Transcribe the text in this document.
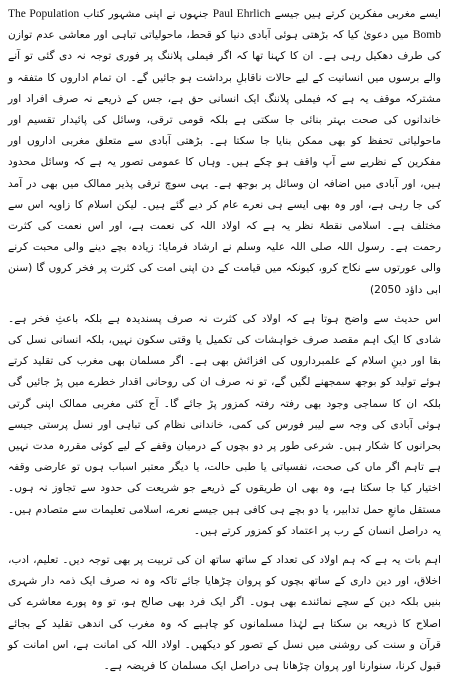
ایسے مغربی مفکرین کرتے ہیں جیسے Paul Ehrlich جنہوں نے اپنی مشہور کتاب The Population Bomb میں دعویٰ کیا کہ بڑھتی ہوئی آبادی دنیا کو قحط، ماحولیاتی تباہی اور معاشی عدم توازن کی طرف دھکیل رہی ہے۔ ان کا کہنا تھا کہ اگر فیملی پلاننگ پر فوری توجہ نہ دی گئی تو آنے والے برسوں میں انسانیت کے لیے حالات ناقابلِ برداشت ہو جائیں گے۔ ان تمام اداروں کا متفقہ و مشترکہ موقف یہ ہے کہ فیملی پلاننگ ایک انسانی حق ہے، جس کے ذریعے نہ صرف افراد اور خاندانوں کی صحت بہتر بنائی جا سکتی ہے بلکہ قومی ترقی، وسائل کی پائیدار تقسیم اور ماحولیاتی تحفظ کو بھی ممکن بنایا جا سکتا ہے۔ بڑھتی آبادی سے متعلق مغربی اداروں اور مفکرین کے نظریے سے آپ واقف ہو چکے ہیں۔ وہاں کا عمومی تصور یہ ہے کہ وسائل محدود ہیں، اور آبادی میں اضافہ ان وسائل پر بوجھ ہے۔ یہی سوچ ترقی پذیر ممالک میں بھی در آمد کی جا رہی ہے، اور وہ بھی ایسے ہی نعرے عام کر دیے گئے ہیں۔ لیکن اسلام کا زاویہ اس سے مختلف ہے۔ اسلامی نقطۂ نظر یہ ہے کہ اولاد اللہ کی نعمت ہے، اور اس نعمت کی کثرت رحمت ہے۔ رسول اللہ صلی اللہ علیہ وسلم نے ارشاد فرمایا: زیادہ بچے دینے والی محبت کرنے والی عورتوں سے نکاح کرو، کیونکہ میں قیامت کے دن اپنی امت کی کثرت پر فخر کروں گا (سنن ابی داؤد 2050)

اس حدیث سے واضح ہوتا ہے کہ اولاد کی کثرت نہ صرف پسندیدہ ہے بلکہ باعثِ فخر ہے۔ شادی کا ایک اہم مقصد صرف خواہشات کی تکمیل یا وقتی سکون نہیں، بلکہ انسانی نسل کی بقا اور دینِ اسلام کے علمبرداروں کی افزائش بھی ہے۔ اگر مسلمان بھی مغرب کی تقلید کرتے ہوئے تولید کو بوجھ سمجھنے لگیں گے، تو نہ صرف ان کی روحانی اقدار خطرے میں پڑ جائیں گی بلکہ ان کا سماجی وجود بھی رفتہ رفتہ کمزور پڑ جائے گا۔ آج کئی مغربی ممالک اپنی گرتی ہوئی آبادی کی وجہ سے لیبر فورس کی کمی، خاندانی نظام کی تباہی اور نسل پرستی جیسے بحرانوں کا شکار ہیں۔ شرعی طور پر دو بچوں کے درمیان وقفے کے لیے کوئی مقررہ مدت نہیں ہے تاہم اگر ماں کی صحت، نفسیاتی یا طبی حالت، یا دیگر معتبر اسباب ہوں تو عارضی وقفہ اختیار کیا جا سکتا ہے، وہ بھی ان طریقوں کے ذریعے جو شریعت کی حدود سے تجاوز نہ ہوں۔ مستقل مانعِ حمل تدابیر، یا دو بچے ہی کافی ہیں جیسے نعرے، اسلامی تعلیمات سے متصادم ہیں۔ یہ دراصل انسان کے رب پر اعتماد کو کمزور کرتے ہیں۔

اہم بات یہ ہے کہ ہم اولاد کی تعداد کے ساتھ ساتھ ان کی تربیت پر بھی توجہ دیں۔ تعلیم، ادب، اخلاق، اور دین داری کے ساتھ بچوں کو پروان چڑھایا جائے تاکہ وہ نہ صرف ایک ذمہ دار شہری بنیں بلکہ دین کے سچے نمائندے بھی ہوں۔ اگر ایک فرد بھی صالح ہو، تو وہ پورے معاشرے کی اصلاح کا ذریعہ بن سکتا ہے لہٰذا مسلمانوں کو چاہیے کہ وہ مغرب کی اندھی تقلید کے بجائے قرآن و سنت کی روشنی میں نسل کے تصور کو دیکھیں۔ اولاد اللہ کی امانت ہے، اس امانت کو قبول کرنا، سنوارنا اور پروان چڑھانا ہی دراصل ایک مسلمان کا فریضہ ہے۔
